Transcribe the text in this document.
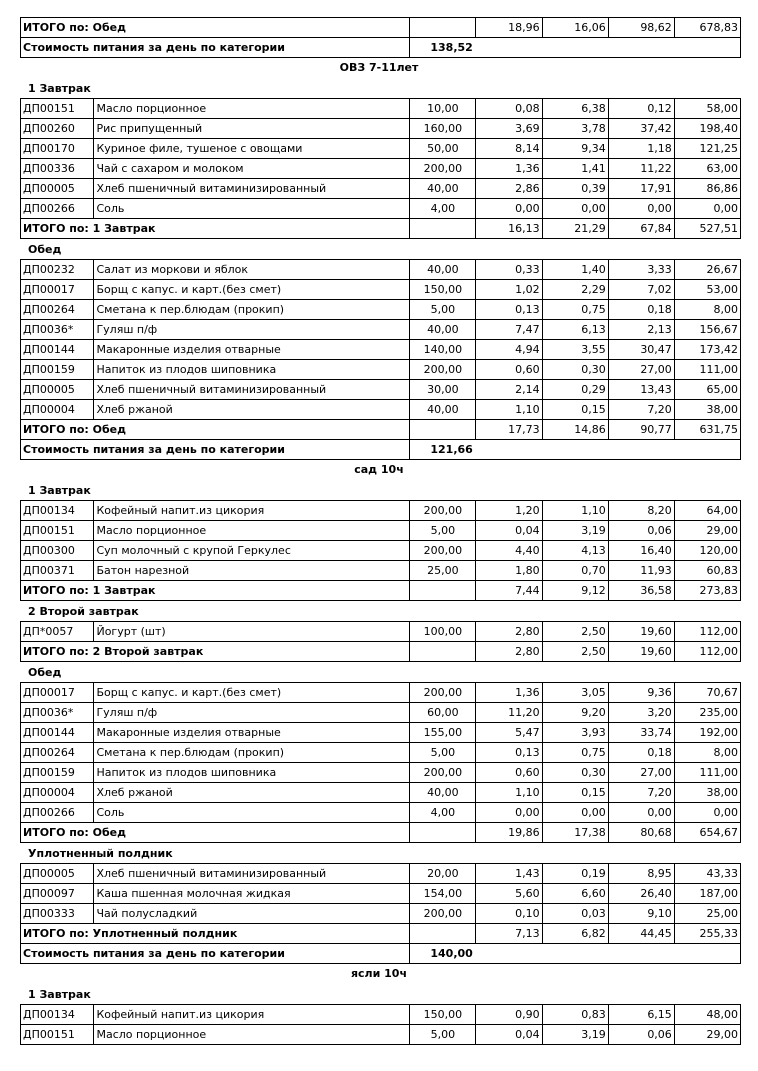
ИТОГО по: Обед		18,96	16,06	98,62	678,83
Стоимость питания за день по категории	138,52				
ОВЗ 7-11лет
1 Завтрак
ДП00151	Масло порционное	10,00	0,08	6,38	0,12	58,00
ДП00260	Рис припущенный	160,00	3,69	3,78	37,42	198,40
ДП00170	Куриное филе, тушеное с овощами	50,00	8,14	9,34	1,18	121,25
ДП00336	Чай с сахаром и молоком	200,00	1,36	1,41	11,22	63,00
ДП00005	Хлеб пшеничный витаминизированный	40,00	2,86	0,39	17,91	86,86
ДП00266	Соль	4,00	0,00	0,00	0,00	0,00
ИТОГО по: 1 Завтрак			16,13	21,29	67,84	527,51
Обед
ДП00232	Салат из моркови и яблок	40,00	0,33	1,40	3,33	26,67
ДП00017	Борщ с капус. и карт.(без смет)	150,00	1,02	2,29	7,02	53,00
ДП00264	Сметана к пер.блюдам (прокип)	5,00	0,13	0,75	0,18	8,00
ДП0036*	Гуляш п/ф	40,00	7,47	6,13	2,13	156,67
ДП00144	Макаронные изделия отварные	140,00	4,94	3,55	30,47	173,42
ДП00159	Напиток из плодов шиповника	200,00	0,60	0,30	27,00	111,00
ДП00005	Хлеб пшеничный витаминизированный	30,00	2,14	0,29	13,43	65,00
ДП00004	Хлеб ржаной	40,00	1,10	0,15	7,20	38,00
ИТОГО по: Обед			17,73	14,86	90,77	631,75
Стоимость питания за день по категории		121,66				
сад 10ч
1 Завтрак
ДП00134	Кофейный напит.из цикория	200,00	1,20	1,10	8,20	64,00
ДП00151	Масло порционное	5,00	0,04	3,19	0,06	29,00
ДП00300	Суп молочный с крупой Геркулес	200,00	4,40	4,13	16,40	120,00
ДП00371	Батон нарезной	25,00	1,80	0,70	11,93	60,83
ИТОГО по: 1 Завтрак			7,44	9,12	36,58	273,83
2 Второй завтрак
ДП*0057	Йогурт (шт)	100,00	2,80	2,50	19,60	112,00
ИТОГО по: 2 Второй завтрак			2,80	2,50	19,60	112,00
Обед
ДП00017	Борщ с капус. и карт.(без смет)	200,00	1,36	3,05	9,36	70,67
ДП0036*	Гуляш п/ф	60,00	11,20	9,20	3,20	235,00
ДП00144	Макаронные изделия отварные	155,00	5,47	3,93	33,74	192,00
ДП00264	Сметана к пер.блюдам (прокип)	5,00	0,13	0,75	0,18	8,00
ДП00159	Напиток из плодов шиповника	200,00	0,60	0,30	27,00	111,00
ДП00004	Хлеб ржаной	40,00	1,10	0,15	7,20	38,00
ДП00266	Соль	4,00	0,00	0,00	0,00	0,00
ИТОГО по: Обед			19,86	17,38	80,68	654,67
Уплотненный полдник
ДП00005	Хлеб пшеничный витаминизированный	20,00	1,43	0,19	8,95	43,33
ДП00097	Каша пшенная молочная жидкая	154,00	5,60	6,60	26,40	187,00
ДП00333	Чай полусладкий	200,00	0,10	0,03	9,10	25,00
ИТОГО по: Уплотненный полдник			7,13	6,82	44,45	255,33
Стоимость питания за день по категории		140,00				
ясли 10ч
1 Завтрак
ДП00134	Кофейный напит.из цикория	150,00	0,90	0,83	6,15	48,00
ДП00151	Масло порционное	5,00	0,04	3,19	0,06	29,00
